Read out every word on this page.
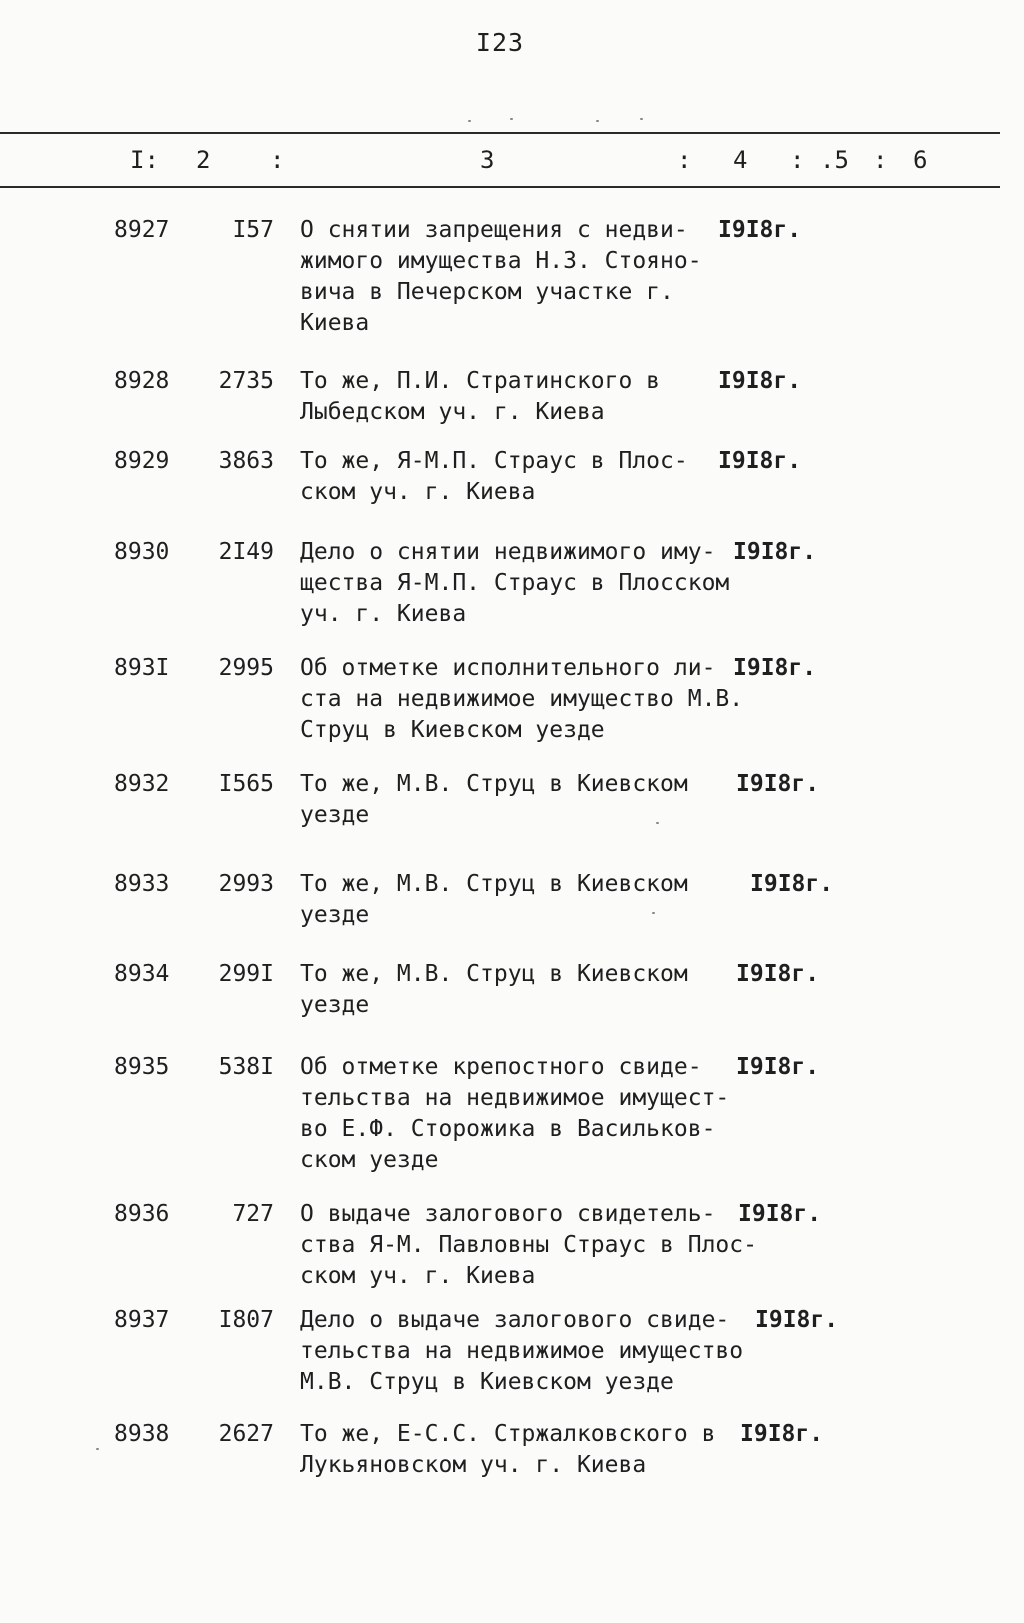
I23
I: 2 :	3	: 4 : .5 : 6
8927	I57 О снятии запрещения с недви-
жимого имущества Н.З. Стояно-
вича в Печерском участке г.
Киева
I9I8г.
8928	2735 То же, П.И. Стратинского в
Лыбедском уч. г. Киева
I9I8г.
8929	3863 То же, Я-М.П. Страус в Плос-
ском уч. г. Киева
I9I8г.
8930	2I49 Дело о снятии недвижимого иму-
щества Я-М.П. Страус в Плосском
уч. г. Киева
I9I8г.
893I	2995 Об отметке исполнительного ли-
ста на недвижимое имущество М.В.
Струц в Киевском уезде
I9I8г.
8932	I565 То же, М.В. Струц в Киевском
уезде
I9I8г.
8933	2993 То же, М.В. Струц в Киевском
уезде
I9I8г.
8934	299I То же, М.В. Струц в Киевском
уезде
I9I8г.
8935	538I Об отметке крепостного свиде-
тельства на недвижимое имущест-
во Е.Ф. Сторожика в Васильков-
ском уезде
I9I8г.
8936	727 О выдаче залогового свидетель-
ства Я-М. Павловны Страус в Плос-
ском уч. г. Киева
I9I8г.
8937	I807 Дело о выдаче залогового свиде-
тельства на недвижимое имущество
М.В. Струц в Киевском уезде
I9I8г.
8938	2627 То же, Е-С.С. Стржалковского в
Лукьяновском уч. г. Киева
I9I8г.
